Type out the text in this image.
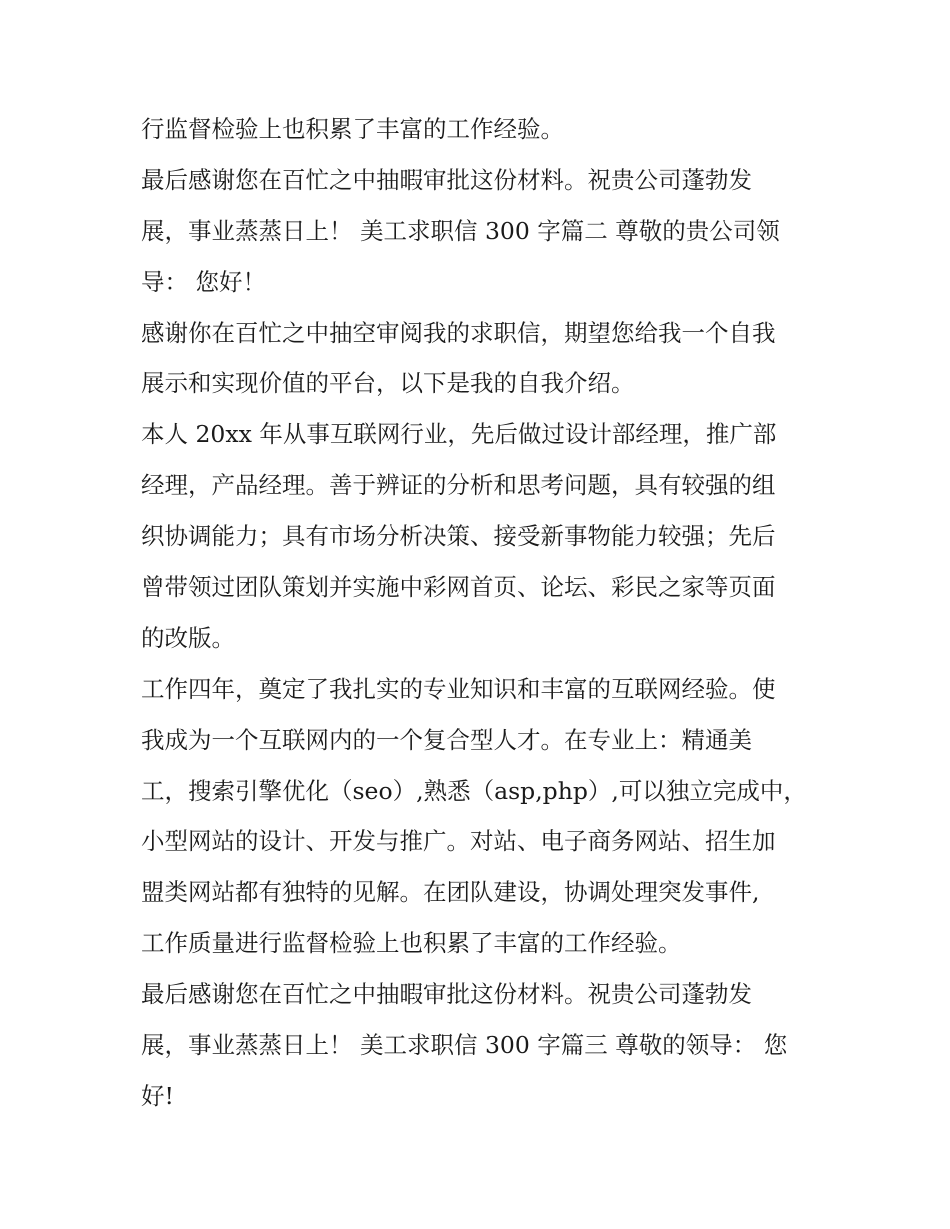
行监督检验上也积累了丰富的工作经验。
最后感谢您在百忙之中抽暇审批这份材料。祝贵公司蓬勃发
展，事业蒸蒸日上！ 美工求职信 300 字篇二 尊敬的贵公司领
导： 您好！
感谢你在百忙之中抽空审阅我的求职信，期望您给我一个自我
展示和实现价值的平台，以下是我的自我介绍。
本人 20xx 年从事互联网行业，先后做过设计部经理，推广部
经理，产品经理。善于辨证的分析和思考问题，具有较强的组
织协调能力；具有市场分析决策、接受新事物能力较强；先后
曾带领过团队策划并实施中彩网首页、论坛、彩民之家等页面
的改版。
工作四年，奠定了我扎实的专业知识和丰富的互联网经验。使
我成为一个互联网内的一个复合型人才。在专业上：精通美
工，搜索引擎优化（seo）,熟悉（asp,php）,可以独立完成中，
小型网站的设计、开发与推广。对站、电子商务网站、招生加
盟类网站都有独特的见解。在团队建设，协调处理突发事件,
工作质量进行监督检验上也积累了丰富的工作经验。
最后感谢您在百忙之中抽暇审批这份材料。祝贵公司蓬勃发
展，事业蒸蒸日上！ 美工求职信 300 字篇三 尊敬的领导： 您
好!
